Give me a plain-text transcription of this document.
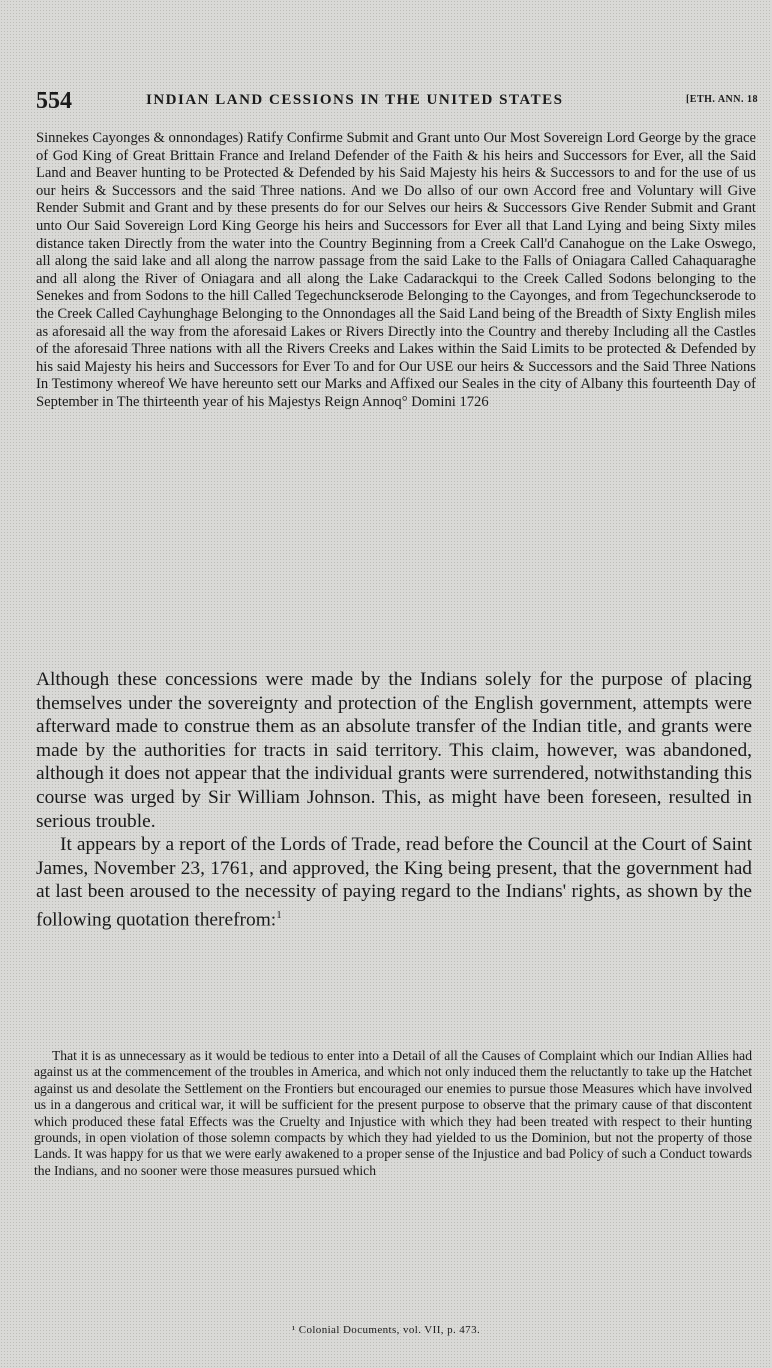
554	INDIAN LAND CESSIONS IN THE UNITED STATES	[ETH. ANN. 18
Sinnekes Cayonges & onnondages) Ratify Confirme Submit and Grant unto Our Most Sovereign Lord George by the grace of God King of Great Brittain France and Ireland Defender of the Faith & his heirs and Successors for Ever, all the Said Land and Beaver hunting to be Protected & Defended by his Said Majesty his heirs & Successors to and for the use of us our heirs & Successors and the said Three nations. And we Do allso of our own Accord free and Voluntary will Give Render Submit and Grant and by these presents do for our Selves our heirs & Successors Give Render Submit and Grant unto Our Said Sovereign Lord King George his heirs and Successors for Ever all that Land Lying and being Sixty miles distance taken Directly from the water into the Country Beginning from a Creek Call'd Canahogue on the Lake Oswego, all along the said lake and all along the narrow passage from the said Lake to the Falls of Oniagara Called Cahaquaraghe and all along the River of Oniagara and all along the Lake Cadarackqui to the Creek Called Sodons belonging to the Senekes and from Sodons to the hill Called Tegechunckserode Belonging to the Cayonges, and from Tegechunckserode to the Creek Called Cayhunghage Belonging to the Onnondages all the Said Land being of the Breadth of Sixty English miles as aforesaid all the way from the aforesaid Lakes or Rivers Directly into the Country and thereby Including all the Castles of the aforesaid Three nations with all the Rivers Creeks and Lakes within the Said Limits to be protected & Defended by his said Majesty his heirs and Successors for Ever To and for Our USE our heirs & Successors and the Said Three Nations In Testimony whereof We have hereunto sett our Marks and Affixed our Seales in the city of Albany this fourteenth Day of September in The thirteenth year of his Majestys Reign Annoq° Domini 1726

Although these concessions were made by the Indians solely for the purpose of placing themselves under the sovereignty and protection of the English government, attempts were afterward made to construe them as an absolute transfer of the Indian title, and grants were made by the authorities for tracts in said territory. This claim, however, was abandoned, although it does not appear that the individual grants were surrendered, notwithstanding this course was urged by Sir William Johnson. This, as might have been foreseen, resulted in serious trouble.

It appears by a report of the Lords of Trade, read before the Council at the Court of Saint James, November 23, 1761, and approved, the King being present, that the government had at last been aroused to the necessity of paying regard to the Indians' rights, as shown by the following quotation therefrom:$^1$

That it is as unnecessary as it would be tedious to enter into a Detail of all the Causes of Complaint which our Indian Allies had against us at the commencement of the troubles in America, and which not only induced them the reluctantly to take up the Hatchet against us and desolate the Settlement on the Frontiers but encouraged our enemies to pursue those Measures which have involved us in a dangerous and critical war, it will be sufficient for the present purpose to observe that the primary cause of that discontent which produced these fatal Effects was the Cruelty and Injustice with which they had been treated with respect to their hunting grounds, in open violation of those solemn compacts by which they had yielded to us the Dominion, but not the property of those Lands. It was happy for us that we were early awakened to a proper sense of the Injustice and bad Policy of such a Conduct towards the Indians, and no sooner were those measures pursued which
¹ Colonial Documents, vol. VII, p. 473.
